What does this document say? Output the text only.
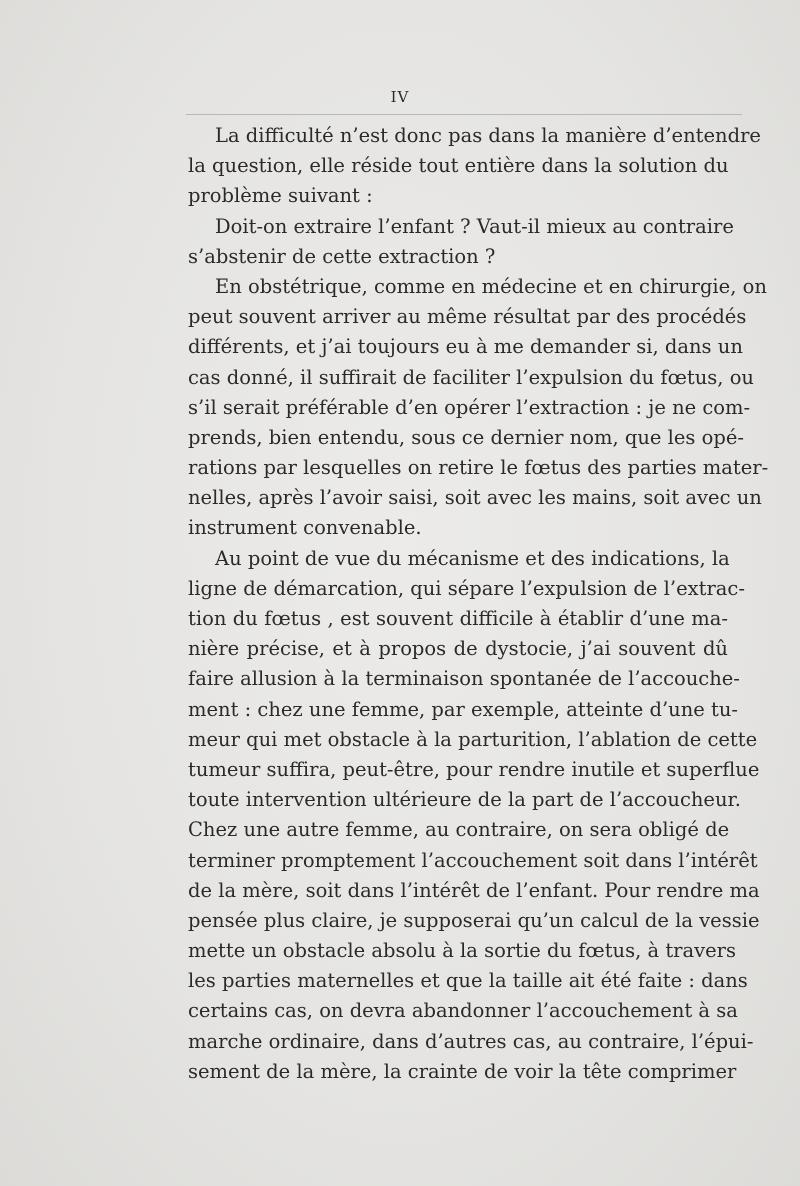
IV
La difficulté n’est donc pas dans la manière d’entendre
la question, elle réside tout entière dans la solution du
problème suivant :
Doit-on extraire l’enfant ? Vaut-il mieux au contraire
s’abstenir de cette extraction ?
En obstétrique, comme en médecine et en chirurgie, on
peut souvent arriver au même résultat par des procédés
différents, et j’ai toujours eu à me demander si, dans un
cas donné, il suffirait de faciliter l’expulsion du fœtus, ou
s’il serait préférable d’en opérer l’extraction : je ne com-
prends, bien entendu, sous ce dernier nom, que les opé-
rations par lesquelles on retire le fœtus des parties mater-
nelles, après l’avoir saisi, soit avec les mains, soit avec un
instrument convenable.
Au point de vue du mécanisme et des indications, la
ligne de démarcation, qui sépare l’expulsion de l’extrac-
tion du fœtus , est souvent difficile à établir d’une ma-
nière précise, et à propos de dystocie, j’ai souvent dû
faire allusion à la terminaison spontanée de l’accouche-
ment : chez une femme, par exemple, atteinte d’une tu-
meur qui met obstacle à la parturition, l’ablation de cette
tumeur suffira, peut-être, pour rendre inutile et superflue
toute intervention ultérieure de la part de l’accoucheur.
Chez une autre femme, au contraire, on sera obligé de
terminer promptement l’accouchement soit dans l’intérêt
de la mère, soit dans l’intérêt de l’enfant. Pour rendre ma
pensée plus claire, je supposerai qu’un calcul de la vessie
mette un obstacle absolu à la sortie du fœtus, à travers
les parties maternelles et que la taille ait été faite : dans
certains cas, on devra abandonner l’accouchement à sa
marche ordinaire, dans d’autres cas, au contraire, l’épui-
sement de la mère, la crainte de voir la tête comprimer
